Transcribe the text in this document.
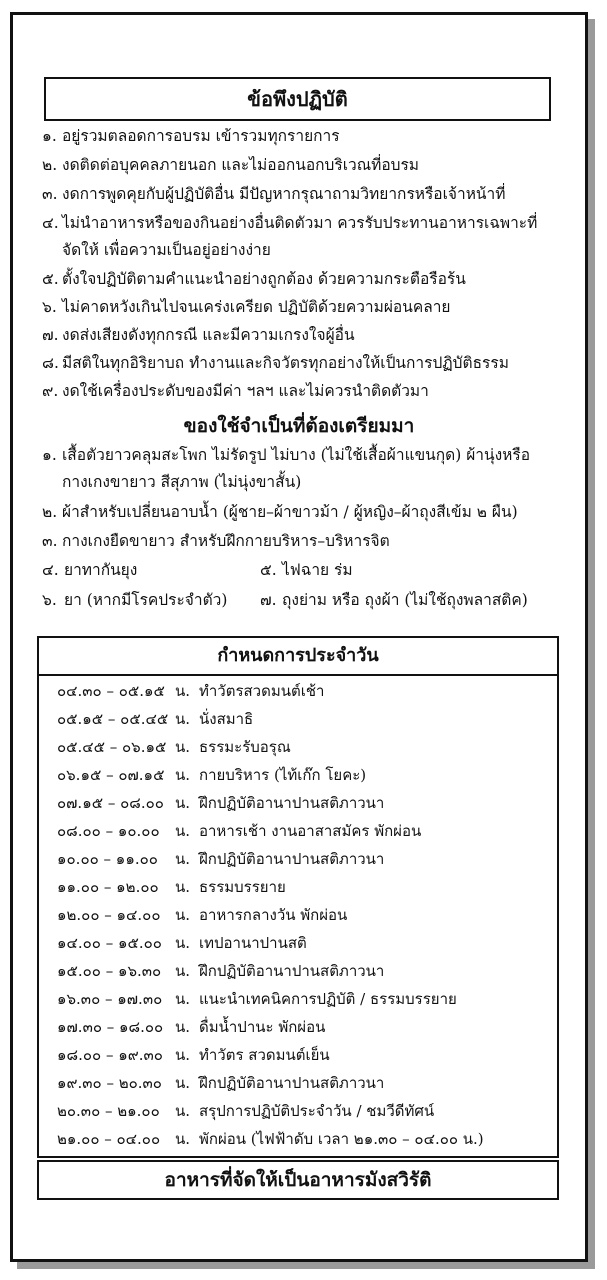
ข้อพึงปฏิบัติ
๑. อยู่รวมตลอดการอบรม เข้ารวมทุกรายการ
๒. งดติดต่อบุคคลภายนอก และไม่ออกนอกบริเวณที่อบรม
๓. งดการพูดคุยกับผู้ปฏิบัติอื่น มีปัญหากรุณาถามวิทยากรหรือเจ้าหน้าที่
๔. ไม่นำอาหารหรือของกินอย่างอื่นติดตัวมา ควรรับประทานอาหารเฉพาะที่
จัดให้ เพื่อความเป็นอยู่อย่างง่าย
๕. ตั้งใจปฏิบัติตามคำแนะนำอย่างถูกต้อง ด้วยความกระตือรือร้น
๖. ไม่คาดหวังเกินไปจนเคร่งเครียด ปฏิบัติด้วยความผ่อนคลาย
๗. งดส่งเสียงดังทุกกรณี และมีความเกรงใจผู้อื่น
๘. มีสติในทุกอิริยาบถ ทำงานและกิจวัตรทุกอย่างให้เป็นการปฏิบัติธรรม
๙. งดใช้เครื่องประดับของมีค่า ฯลฯ และไม่ควรนำติดตัวมา
ของใช้จำเป็นที่ต้องเตรียมมา
๑. เสื้อตัวยาวคลุมสะโพก ไม่รัดรูป ไม่บาง (ไม่ใช้เสื้อผ้าแขนกุด) ผ้านุ่งหรือ
กางเกงขายาว สีสุภาพ (ไม่นุ่งขาสั้น)
๒. ผ้าสำหรับเปลี่ยนอาบน้ำ (ผู้ชาย–ผ้าขาวม้า / ผู้หญิง–ผ้าถุงสีเข้ม ๒ ผืน)
๓. กางเกงยืดขายาว สำหรับฝึกกายบริหาร–บริหารจิต
๔. ยาทากันยุง	๕. ไฟฉาย ร่ม
๖. ยา (หากมีโรคประจำตัว) ๗. ถุงย่าม หรือ ถุงผ้า (ไม่ใช้ถุงพลาสติค)
กำหนดการประจำวัน
๐๔.๓๐ – ๐๕.๑๕ น. ทำวัตรสวดมนต์เช้า
๐๕.๑๕ – ๐๕.๔๕ น. นั่งสมาธิ
๐๕.๔๕ – ๐๖.๑๕ น. ธรรมะรับอรุณ
๐๖.๑๕ – ๐๗.๑๕ น. กายบริหาร (ไท้เก๊ก โยคะ)
๐๗.๑๕ – ๐๘.๐๐ น. ฝึกปฏิบัติอานาปานสติภาวนา
๐๘.๐๐ – ๑๐.๐๐ น. อาหารเช้า งานอาสาสมัคร พักผ่อน
๑๐.๐๐ – ๑๑.๐๐ น. ฝึกปฏิบัติอานาปานสติภาวนา
๑๑.๐๐ – ๑๒.๐๐ น. ธรรมบรรยาย
๑๒.๐๐ – ๑๔.๐๐ น. อาหารกลางวัน พักผ่อน
๑๔.๐๐ – ๑๕.๐๐ น. เทปอานาปานสติ
๑๕.๐๐ – ๑๖.๓๐ น. ฝึกปฏิบัติอานาปานสติภาวนา
๑๖.๓๐ – ๑๗.๓๐ น. แนะนำเทคนิคการปฏิบัติ / ธรรมบรรยาย
๑๗.๓๐ – ๑๘.๐๐ น. ดื่มน้ำปานะ พักผ่อน
๑๘.๐๐ – ๑๙.๓๐ น. ทำวัตร สวดมนต์เย็น
๑๙.๓๐ – ๒๐.๓๐ น. ฝึกปฏิบัติอานาปานสติภาวนา
๒๐.๓๐ – ๒๑.๐๐ น. สรุปการปฏิบัติประจำวัน / ชมวีดีทัศน์
๒๑.๐๐ – ๐๔.๐๐ น. พักผ่อน (ไฟฟ้าดับ เวลา ๒๑.๓๐ – ๐๔.๐๐ น.)
อาหารที่จัดให้เป็นอาหารมังสวิรัติ
